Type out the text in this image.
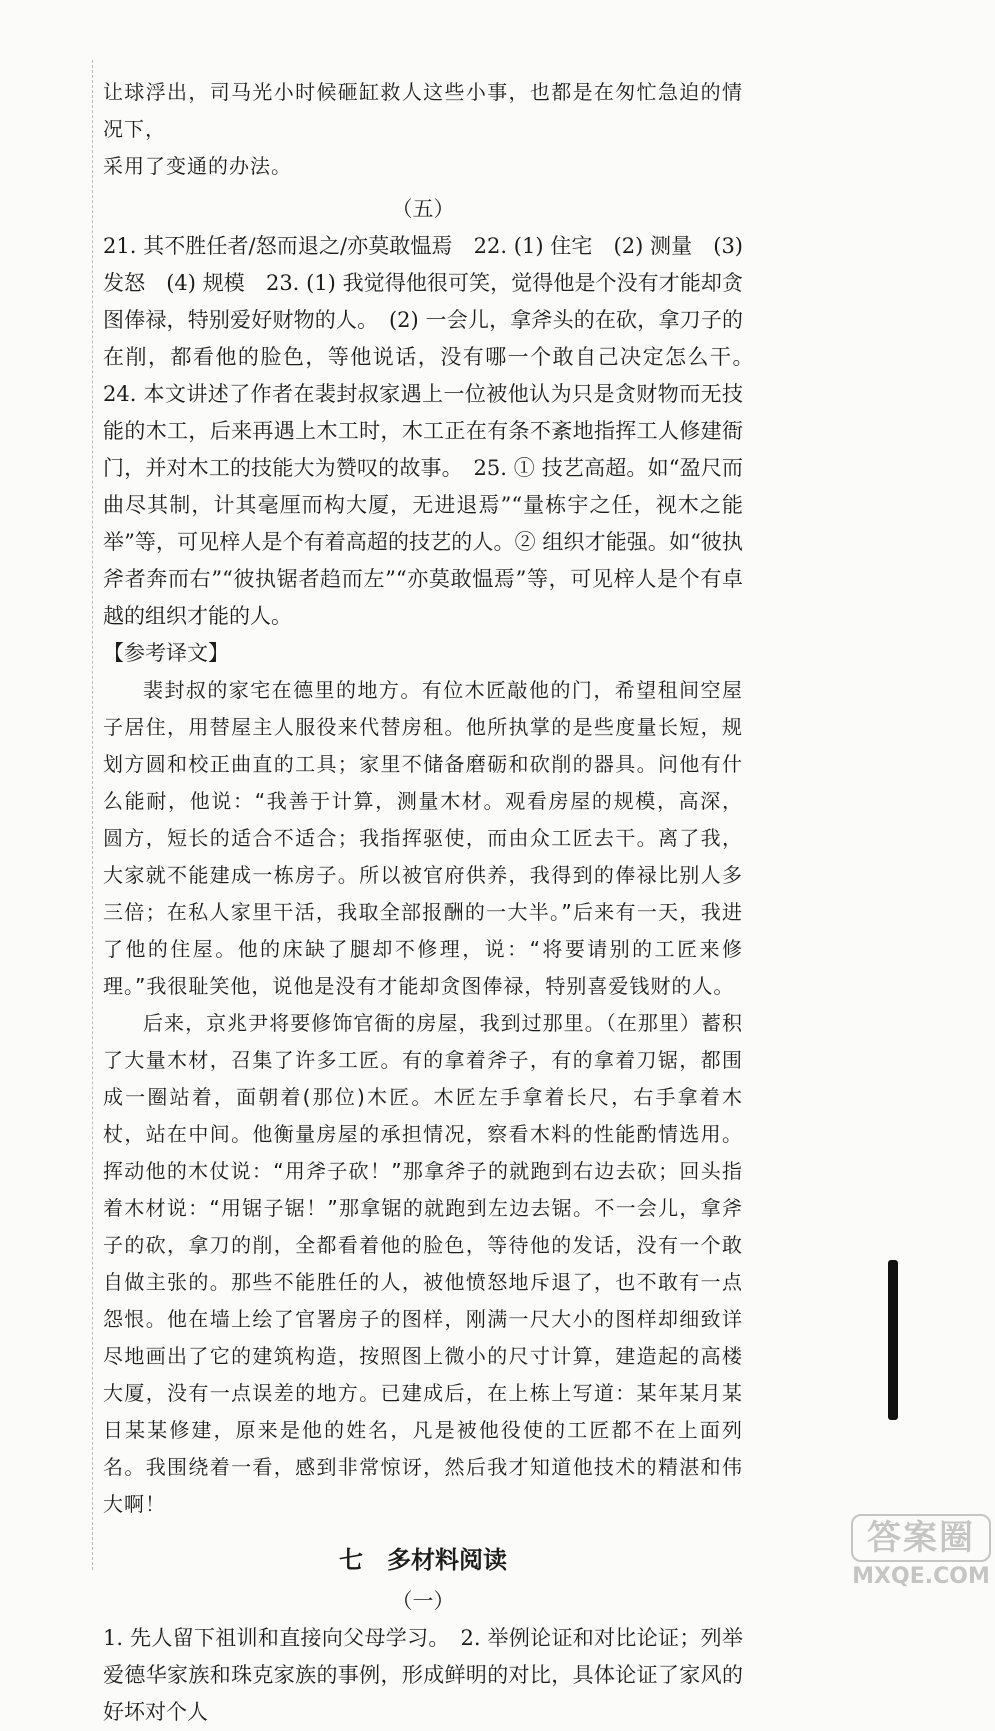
让球浮出，司马光小时候砸缸救人这些小事，也都是在匆忙急迫的情况下，

采用了变通的办法。

（五）

21. 其不胜任者/怒而退之/亦莫敢愠焉　22. (1) 住宅　(2) 测量　(3) 发怒　(4) 规模　23. (1) 我觉得他很可笑，觉得他是个没有才能却贪图俸禄，特别爱好财物的人。　(2) 一会儿，拿斧头的在砍，拿刀子的在削，都看他的脸色，等他说话，没有哪一个敢自己决定怎么干。　24. 本文讲述了作者在裴封叔家遇上一位被他认为只是贪财物而无技能的木工，后来再遇上木工时，木工正在有条不紊地指挥工人修建衙门，并对木工的技能大为赞叹的故事。　25. ① 技艺高超。如“盈尺而曲尽其制，计其毫厘而构大厦，无进退焉”“量栋宇之任，视木之能举”等，可见梓人是个有着高超的技艺的人。② 组织才能强。如“彼执斧者奔而右”“彼执锯者趋而左”“亦莫敢愠焉”等，可见梓人是个有卓越的组织才能的人。

【参考译文】

裴封叔的家宅在德里的地方。有位木匠敲他的门，希望租间空屋子居住，用替屋主人服役来代替房租。他所执掌的是些度量长短，规划方圆和校正曲直的工具；家里不储备磨砺和砍削的器具。问他有什么能耐，他说：“我善于计算，测量木材。观看房屋的规模，高深，圆方，短长的适合不适合；我指挥驱使，而由众工匠去干。离了我，大家就不能建成一栋房子。所以被官府供养，我得到的俸禄比别人多三倍；在私人家里干活，我取全部报酬的一大半。”后来有一天，我进了他的住屋。他的床缺了腿却不修理，说：“将要请别的工匠来修理。”我很耻笑他，说他是没有才能却贪图俸禄，特别喜爱钱财的人。

后来，京兆尹将要修饰官衙的房屋，我到过那里。（在那里）蓄积了大量木材，召集了许多工匠。有的拿着斧子，有的拿着刀锯，都围成一圈站着，面朝着(那位)木匠。木匠左手拿着长尺，右手拿着木杖，站在中间。他衡量房屋的承担情况，察看木料的性能酌情选用。挥动他的木仗说：“用斧子砍！”那拿斧子的就跑到右边去砍；回头指着木材说：“用锯子锯！”那拿锯的就跑到左边去锯。不一会儿，拿斧子的砍，拿刀的削，全都看着他的脸色，等待他的发话，没有一个敢自做主张的。那些不能胜任的人，被他愤怒地斥退了，也不敢有一点怨恨。他在墙上绘了官署房子的图样，刚满一尺大小的图样却细致详尽地画出了它的建筑构造，按照图上微小的尺寸计算，建造起的高楼大厦，没有一点误差的地方。已建成后，在上栋上写道：某年某月某日某某修建，原来是他的姓名，凡是被他役使的工匠都不在上面列名。我围绕着一看，感到非常惊讶，然后我才知道他技术的精湛和伟大啊！

七　多材料阅读

（一）

1. 先人留下祖训和直接向父母学习。　2. 举例论证和对比论证；列举爱德华家族和珠克家族的事例，形成鲜明的对比，具体论证了家风的好坏对个人

答案圈
MXQE.COM
